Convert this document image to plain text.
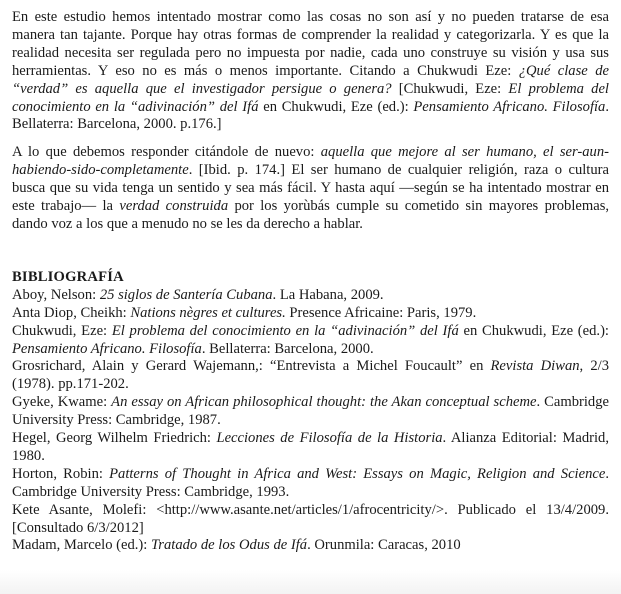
En este estudio hemos intentado mostrar como las cosas no son así y no pueden tratarse de esa manera tan tajante. Porque hay otras formas de comprender la realidad y categorizarla. Y es que la realidad necesita ser regulada pero no impuesta por nadie, cada uno construye su visión y usa sus herramientas. Y eso no es más o menos importante. Citando a Chukwudi Eze: ¿Qué clase de “verdad” es aquella que el investigador persigue o genera? [Chukwudi, Eze: El problema del conocimiento en la “adivinación” del Ifá en Chukwudi, Eze (ed.): Pensamiento Africano. Filosofía. Bellaterra: Barcelona, 2000. p.176.]

A lo que debemos responder citándole de nuevo: aquella que mejore al ser humano, el ser-aun-habiendo-sido-completamente. [Ibid. p. 174.] El ser humano de cualquier religión, raza o cultura busca que su vida tenga un sentido y sea más fácil. Y hasta aquí —según se ha intentado mostrar en este trabajo— la verdad construida por los yorùbás cumple su cometido sin mayores problemas, dando voz a los que a menudo no se les da derecho a hablar.

BIBLIOGRAFÍA

Aboy, Nelson: 25 siglos de Santería Cubana. La Habana, 2009.

Anta Diop, Cheikh: Nations nègres et cultures. Presence Africaine: Paris, 1979.

Chukwudi, Eze: El problema del conocimiento en la “adivinación” del Ifá en Chukwudi, Eze (ed.): Pensamiento Africano. Filosofía. Bellaterra: Barcelona, 2000.

Grosrichard, Alain y Gerard Wajemann,: “Entrevista a Michel Foucault” en Revista Diwan, 2/3 (1978). pp.171-202.

Gyeke, Kwame: An essay on African philosophical thought: the Akan conceptual scheme. Cambridge University Press: Cambridge, 1987.

Hegel, Georg Wilhelm Friedrich: Lecciones de Filosofía de la Historia. Alianza Editorial: Madrid, 1980.

Horton, Robin: Patterns of Thought in Africa and West: Essays on Magic, Religion and Science. Cambridge University Press: Cambridge, 1993.

Kete Asante, Molefi: <http://www.asante.net/articles/1/afrocentricity/>. Publicado el 13/4/2009. [Consultado 6/3/2012]

Madam, Marcelo (ed.): Tratado de los Odus de Ifá. Orunmila: Caracas, 2010
